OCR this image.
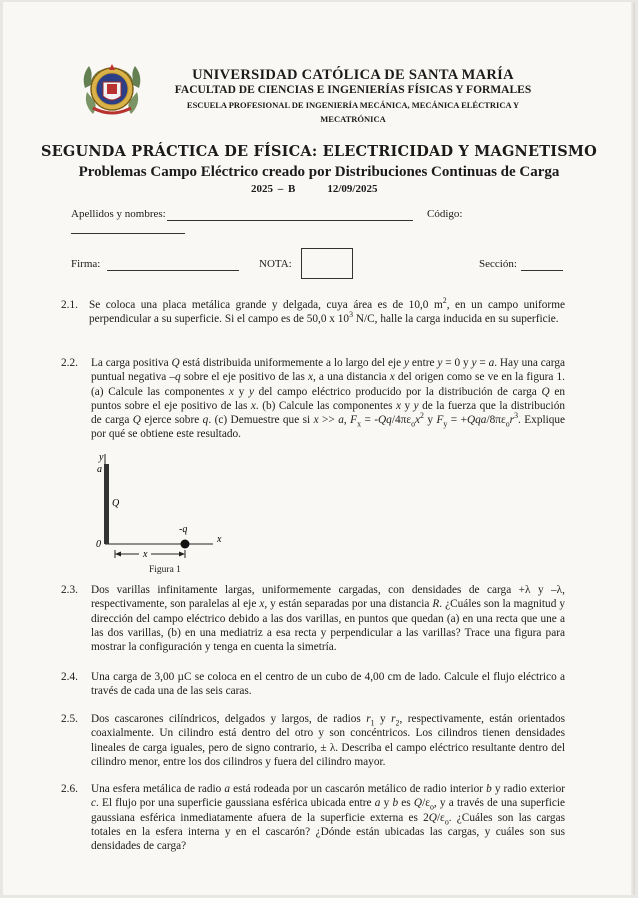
UNIVERSIDAD CATÓLICA DE SANTA MARÍA
FACULTAD DE CIENCIAS E INGENIERÍAS FÍSICAS Y FORMALES
ESCUELA PROFESIONAL DE INGENIERÍA MECÁNICA, MECÁNICA ELÉCTRICA Y MECATRÓNICA
SEGUNDA PRÁCTICA DE FÍSICA: ELECTRICIDAD Y MAGNETISMO
Problemas Campo Eléctrico creado por Distribuciones Continuas de Carga
2025 – B	12/09/2025
Apellidos y nombres:	Código:
Firma:	NOTA:	Sección:
2.1. Se coloca una placa metálica grande y delgada, cuya área es de 10,0 $m^2$, en un campo uniforme perpendicular a su superficie. Si el campo es de 50,0 x $10^3$ N/C, halle la carga inducida en su superficie.
2.2. La carga positiva Q está distribuida uniformemente a lo largo del eje y entre y = 0 y y = a. Hay una carga puntual negativa –q sobre el eje positivo de las x, a una distancia x del origen como se ve en la figura 1. (a) Calcule las componentes x y y del campo eléctrico producido por la distribución de carga Q en puntos sobre el eje positivo de las x. (b) Calcule las componentes x y y de la fuerza que la distribución de carga Q ejerce sobre q. (c) Demuestre que si x >> a, $F_x = -Qq/4\pi\varepsilon_ox^2$ y $F_y = +Qqa/8\pi\varepsilon_or^3$. Explique por qué se obtiene este resultado.
y
a
Q
0
-q
x
x
Figura 1
2.3. Dos varillas infinitamente largas, uniformemente cargadas, con densidades de carga +λ y –λ, respectivamente, son paralelas al eje x, y están separadas por una distancia R. ¿Cuáles son la magnitud y dirección del campo eléctrico debido a las dos varillas, en puntos que quedan (a) en una recta que une a las dos varillas, (b) en una mediatriz a esa recta y perpendicular a las varillas? Trace una figura para mostrar la configuración y tenga en cuenta la simetría.
2.4. Una carga de 3,00 µC se coloca en el centro de un cubo de 4,00 cm de lado. Calcule el flujo eléctrico a través de cada una de las seis caras.
2.5. Dos cascarones cilíndricos, delgados y largos, de radios $r_1$ y $r_2$, respectivamente, están orientados coaxialmente. Un cilindro está dentro del otro y son concéntricos. Los cilindros tienen densidades lineales de carga iguales, pero de signo contrario, ± λ. Describa el campo eléctrico resultante dentro del cilindro menor, entre los dos cilindros y fuera del cilindro mayor.
2.6. Una esfera metálica de radio a está rodeada por un cascarón metálico de radio interior b y radio exterior c. El flujo por una superficie gaussiana esférica ubicada entre a y b es $Q/\varepsilon_o$, y a través de una superficie gaussiana esférica inmediatamente afuera de la superficie externa es $2Q/\varepsilon_o$. ¿Cuáles son las cargas totales en la esfera interna y en el cascarón? ¿Dónde están ubicadas las cargas, y cuáles son sus densidades de carga?
